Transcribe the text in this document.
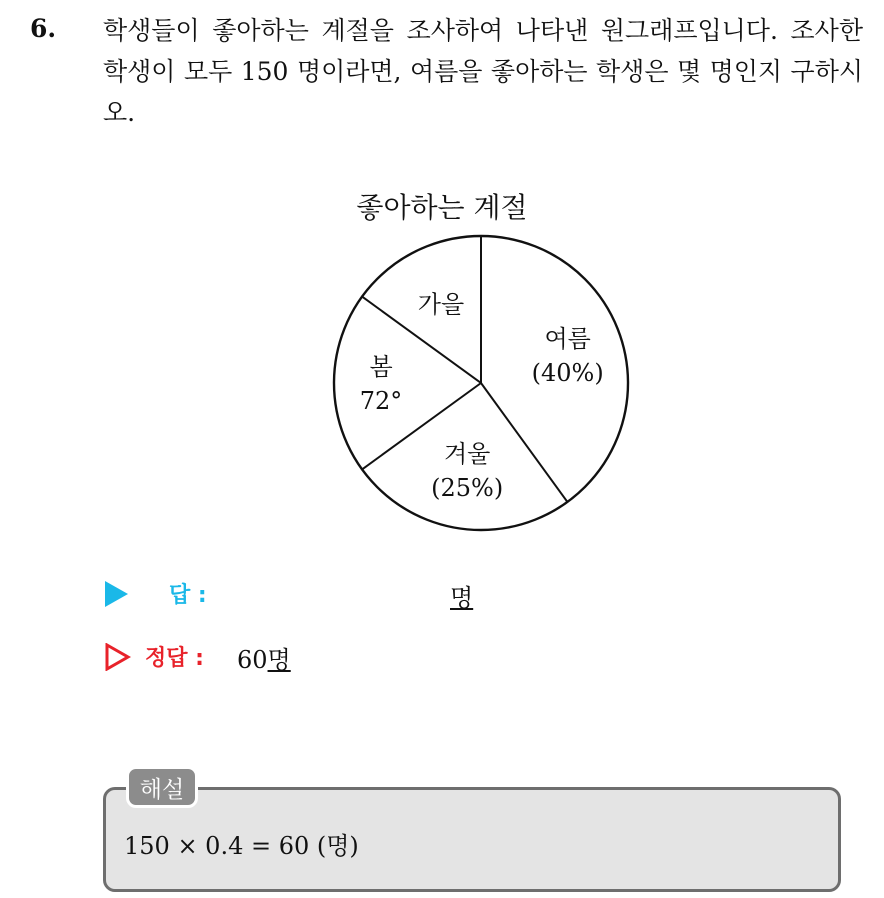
6. 학생들이 좋아하는 계절을 조사하여 나타낸 원그래프입니다. 조사한 학생이 모두 150 명이라면, 여름을 좋아하는 학생은 몇 명인지 구하시오.
좋아하는 계절
여름
(40%)
겨울
(25%)
봄
72°
가을
답 :	명
정답 : 60명
해설
150 × 0.4 = 60 (명)
